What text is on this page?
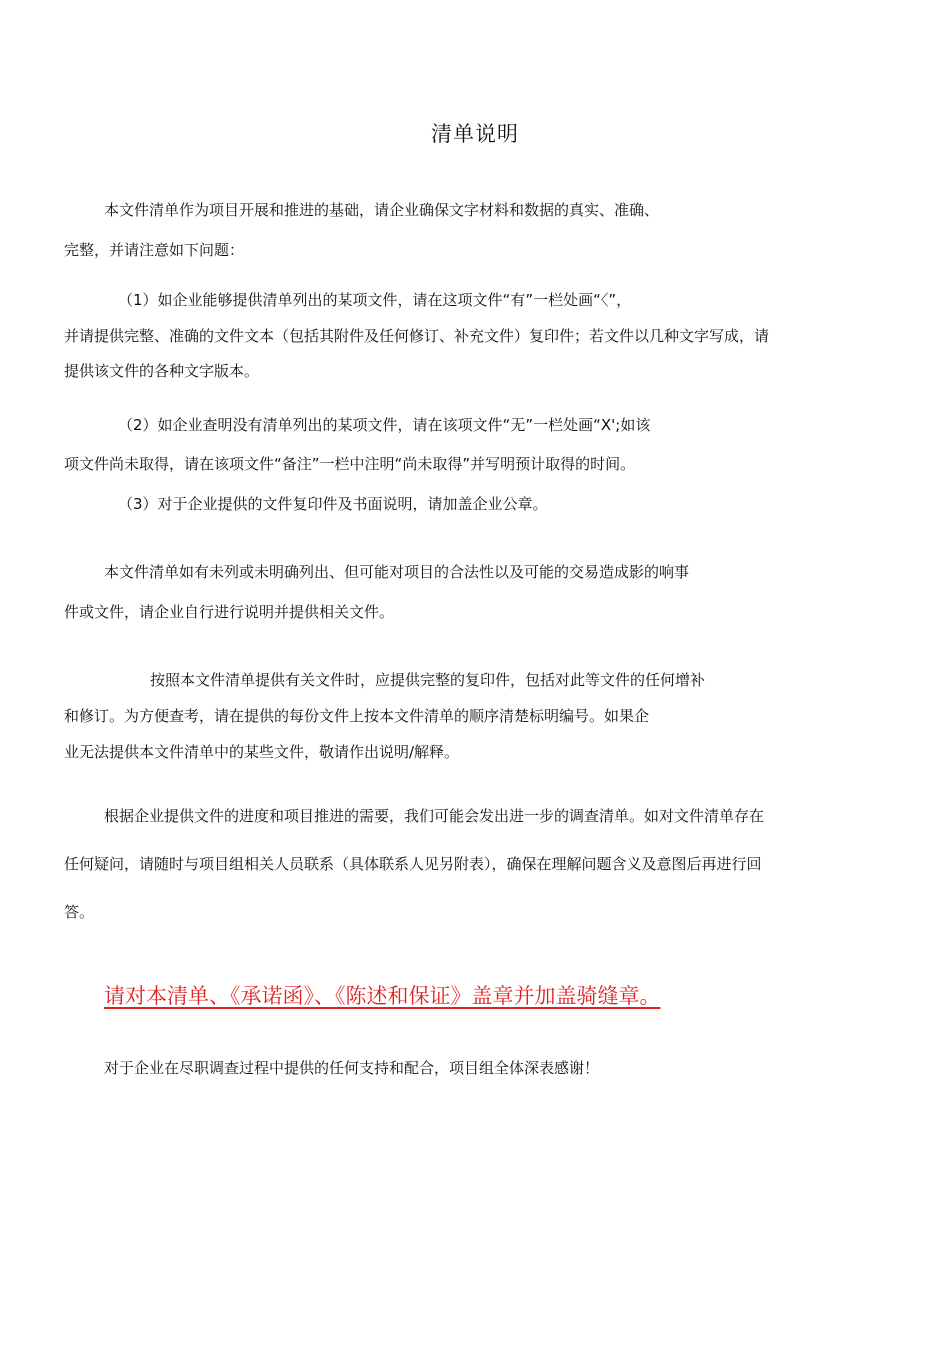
清单说明
本文件清单作为项目开展和推进的基础，请企业确保文字材料和数据的真实、准确、
完整，并请注意如下问题：
（1）如企业能够提供清单列出的某项文件，请在这项文件“有”一栏处画“〈”，
并请提供完整、准确的文件文本（包括其附件及任何修订、补充文件）复印件；若文件以几种文字写成，请
提供该文件的各种文字版本。
（2）如企业查明没有清单列出的某项文件，请在该项文件“无”一栏处画“X';如该
项文件尚未取得，请在该项文件“备注”一栏中注明“尚未取得”并写明预计取得的时间。
（3）对于企业提供的文件复印件及书面说明，请加盖企业公章。
本文件清单如有未列或未明确列出、但可能对项目的合法性以及可能的交易造成影的响事
件或文件，请企业自行进行说明并提供相关文件。
按照本文件清单提供有关文件时，应提供完整的复印件，包括对此等文件的任何增补
和修订。为方便查考，请在提供的每份文件上按本文件清单的顺序清楚标明编号。如果企
业无法提供本文件清单中的某些文件，敬请作出说明/解释。
根据企业提供文件的进度和项目推进的需要，我们可能会发出进一步的调查清单。如对文件清单存在
任何疑问，请随时与项目组相关人员联系（具体联系人见另附表），确保在理解问题含义及意图后再进行回
答。
请对本清单、《承诺函》、《陈述和保证》盖章并加盖骑缝章。
对于企业在尽职调查过程中提供的任何支持和配合，项目组全体深表感谢！
